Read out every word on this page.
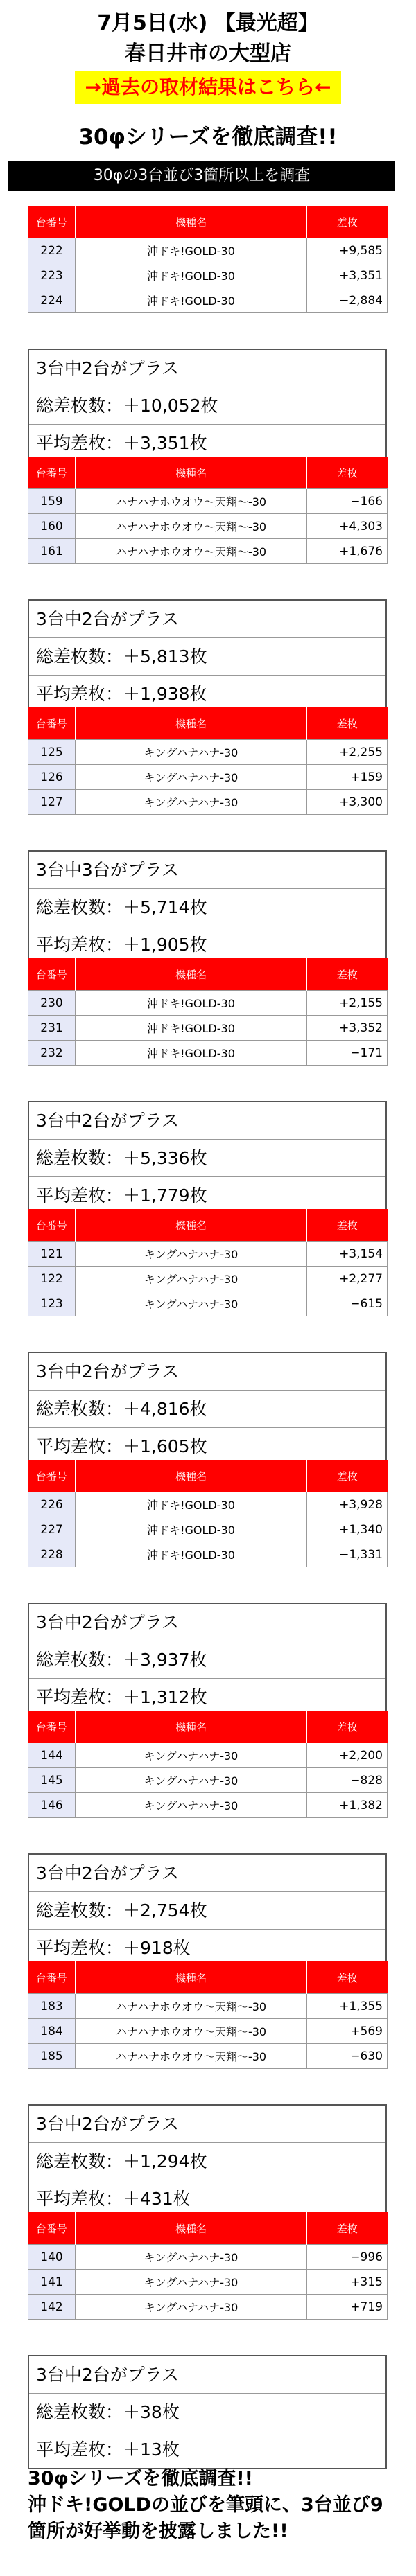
7月5日(水) 【最光超】
春日井市の大型店
→過去の取材結果はこちら←
30φシリーズを徹底調査!!
30φの3台並び3箇所以上を調査
台番号	機種名	差枚
222	沖ドキ!GOLD-30	+9,585
223	沖ドキ!GOLD-30	+3,351
224	沖ドキ!GOLD-30	−2,884
3台中2台がプラス
総差枚数：＋10,052枚
平均差枚：＋3,351枚
台番号	機種名	差枚
159	ハナハナホウオウ〜天翔〜-30	−166
160	ハナハナホウオウ〜天翔〜-30	+4,303
161	ハナハナホウオウ〜天翔〜-30	+1,676
3台中2台がプラス
総差枚数：＋5,813枚
平均差枚：＋1,938枚
台番号	機種名	差枚
125	キングハナハナ-30	+2,255
126	キングハナハナ-30	+159
127	キングハナハナ-30	+3,300
3台中3台がプラス
総差枚数：＋5,714枚
平均差枚：＋1,905枚
台番号	機種名	差枚
230	沖ドキ!GOLD-30	+2,155
231	沖ドキ!GOLD-30	+3,352
232	沖ドキ!GOLD-30	−171
3台中2台がプラス
総差枚数：＋5,336枚
平均差枚：＋1,779枚
台番号	機種名	差枚
121	キングハナハナ-30	+3,154
122	キングハナハナ-30	+2,277
123	キングハナハナ-30	−615
3台中2台がプラス
総差枚数：＋4,816枚
平均差枚：＋1,605枚
台番号	機種名	差枚
226	沖ドキ!GOLD-30	+3,928
227	沖ドキ!GOLD-30	+1,340
228	沖ドキ!GOLD-30	−1,331
3台中2台がプラス
総差枚数：＋3,937枚
平均差枚：＋1,312枚
台番号	機種名	差枚
144	キングハナハナ-30	+2,200
145	キングハナハナ-30	−828
146	キングハナハナ-30	+1,382
3台中2台がプラス
総差枚数：＋2,754枚
平均差枚：＋918枚
台番号	機種名	差枚
183	ハナハナホウオウ〜天翔〜-30	+1,355
184	ハナハナホウオウ〜天翔〜-30	+569
185	ハナハナホウオウ〜天翔〜-30	−630
3台中2台がプラス
総差枚数：＋1,294枚
平均差枚：＋431枚
台番号	機種名	差枚
140	キングハナハナ-30	−996
141	キングハナハナ-30	+315
142	キングハナハナ-30	+719
3台中2台がプラス
総差枚数：＋38枚
平均差枚：＋13枚
30φシリーズを徹底調査!!
沖ドキ!GOLDの並びを筆頭に、3台並び9箇所が好挙動を披露しました!!
